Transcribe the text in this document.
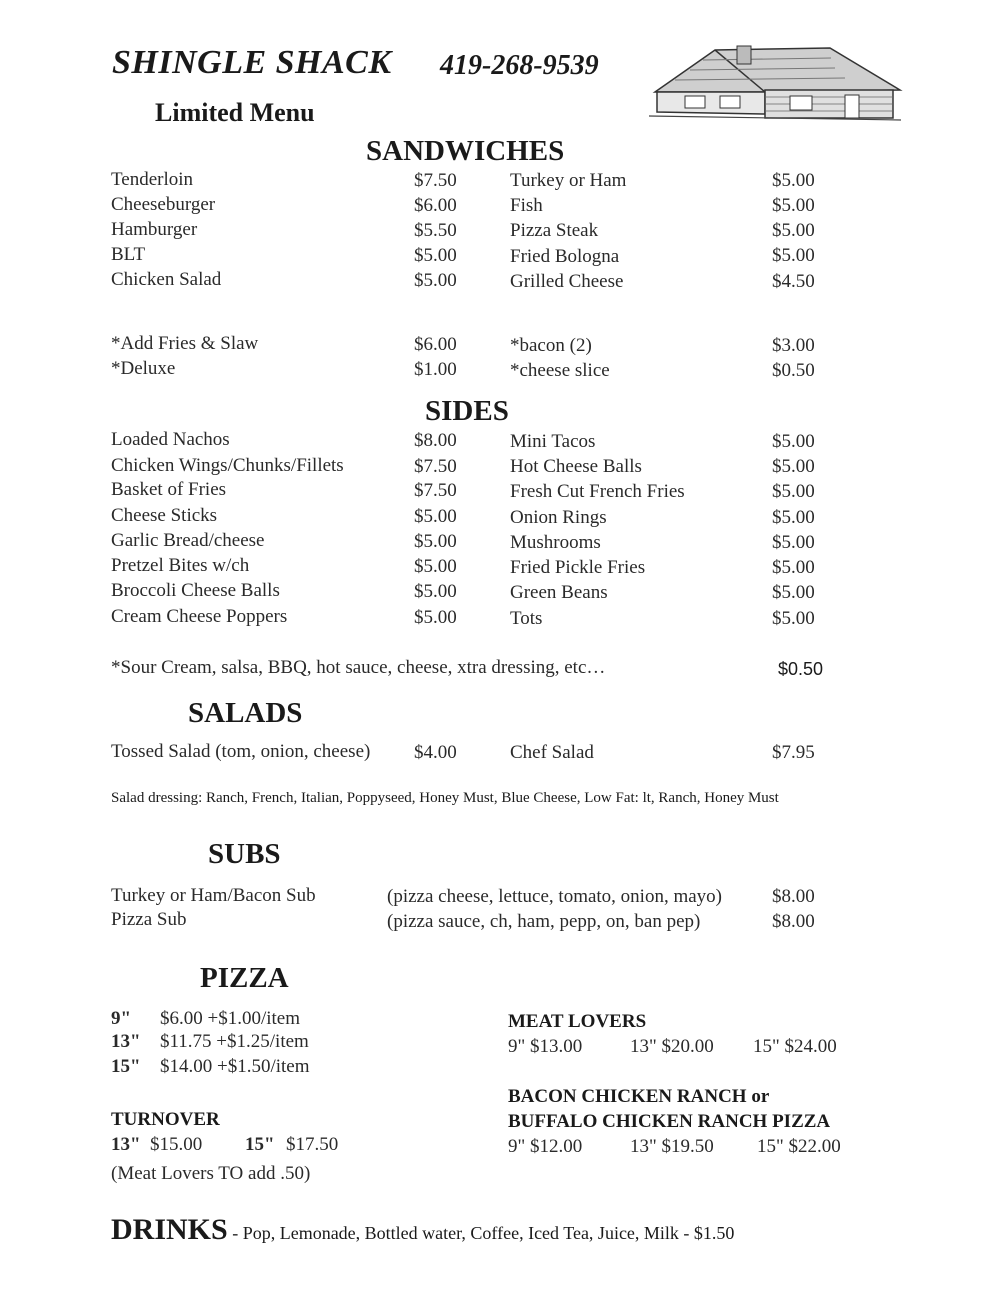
SHINGLE SHACK 419-268-9539
Limited Menu
SANDWICHES
Tenderloin	$7.50
Cheeseburger	$6.00
Hamburger	$5.50
BLT	$5.00
Chicken Salad	$5.00
Turkey or Ham	$5.00
Fish	$5.00
Pizza Steak	$5.00
Fried Bologna	$5.00
Grilled Cheese	$4.50
*Add Fries & Slaw	$6.00
*Deluxe	$1.00
*bacon (2)	$3.00
*cheese slice	$0.50
SIDES
Loaded Nachos	$8.00
Chicken Wings/Chunks/Fillets	$7.50
Basket of Fries	$7.50
Cheese Sticks	$5.00
Garlic Bread/cheese	$5.00
Pretzel Bites w/ch	$5.00
Broccoli Cheese Balls	$5.00
Cream Cheese Poppers	$5.00
Mini Tacos	$5.00
Hot Cheese Balls	$5.00
Fresh Cut French Fries	$5.00
Onion Rings	$5.00
Mushrooms	$5.00
Fried Pickle Fries	$5.00
Green Beans	$5.00
Tots	$5.00
*Sour Cream, salsa, BBQ, hot sauce, cheese, xtra dressing, etc…	$0.50
SALADS
Tossed Salad (tom, onion, cheese) $4.00	Chef Salad	$7.95
Salad dressing: Ranch, French, Italian, Poppyseed, Honey Must, Blue Cheese, Low Fat: lt, Ranch, Honey Must
SUBS
Turkey or Ham/Bacon Sub	(pizza cheese, lettuce, tomato, onion, mayo)	$8.00
Pizza Sub	(pizza sauce, ch, ham, pepp, on, ban pep)	$8.00
PIZZA
9" $6.00 +$1.00/item
13" $11.75 +$1.25/item
15" $14.00 +$1.50/item
TURNOVER
13" $15.00 15" $17.50
(Meat Lovers TO add .50)
MEAT LOVERS
9" $13.00	13" $20.00 15" $24.00
BACON CHICKEN RANCH or
BUFFALO CHICKEN RANCH PIZZA
9" $12.00	13" $19.50 15" $22.00
DRINKS - Pop, Lemonade, Bottled water, Coffee, Iced Tea, Juice, Milk - $1.50
